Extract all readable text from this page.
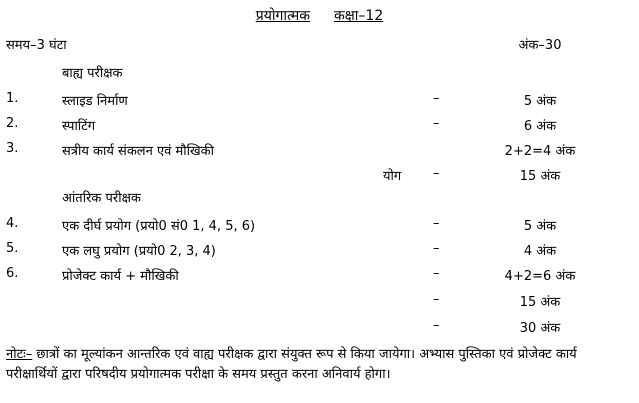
प्रयोगात्मक कक्षा–12
समय–3 घंटा	अंक–30
बाह्य परीक्षक
1.	स्लाइड निर्माण	–	5 अंक
2.	स्पाटिंग	–	6 अंक
3.	सत्रीय कार्य संकलन एवं मौखिकी	2+2=4 अंक
योग –	15 अंक
आंतरिक परीक्षक
4.	एक दीर्घ प्रयोग (प्रयो0 सं0 1, 4, 5, 6)	–	5 अंक
5.	एक लघु प्रयोग (प्रयो0 2, 3, 4)	–	4 अंक
6.	प्रोजेक्ट कार्य + मौखिकी	–	4+2=6 अंक
–	15 अंक
–	30 अंक
नोटः– छात्रों का मूल्यांकन आन्तरिक एवं वाह्य परीक्षक द्वारा संयुक्त रूप से किया जायेगा। अभ्यास पुस्तिका एवं प्रोजेक्ट कार्य परीक्षार्थियों द्वारा परिषदीय प्रयोगात्मक परीक्षा के समय प्रस्तुत करना अनिवार्य होगा।
